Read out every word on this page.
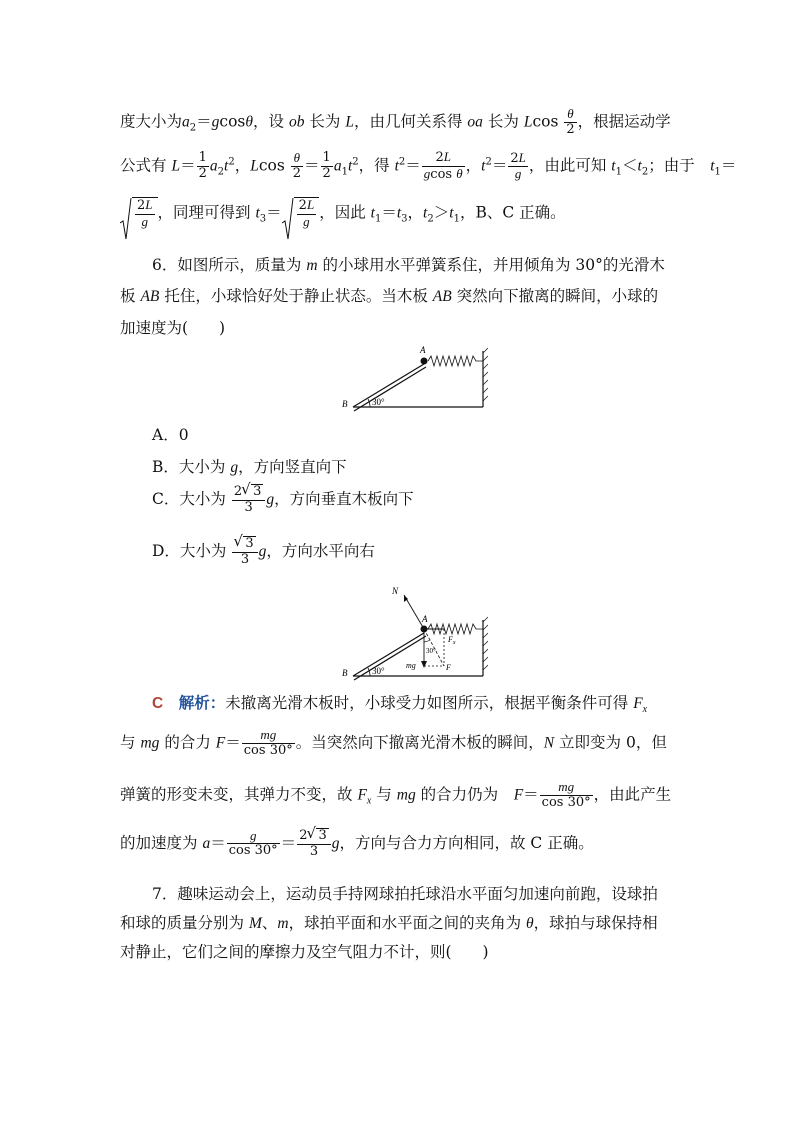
度大小为$a_2=gcos\theta$，设 ob 长为 L，由几何关系得 oa 长为 Lcos $\frac{\theta}{2}$ ，根据运动学
公式有 $L= \frac{1}{2} a_2t^2$，Lcos $\frac{\theta}{2} = \frac{1}{2} a_1t^2$，得 $t^2= \frac{2L}{\text{gcos θ}}$ ，$t^2= \frac{2L}{g}$ ，由此可知 $t_1<t_2$；由于　 $t_1=$
$\frac{2L}{g}$ ，同理可得到 $t_3= \frac{2L}{g}$ ，因此 $t_1=t_3$，$t_2>t_1$，B、C 正确。
6．如图所示，质量为 m 的小球用水平弹簧系住，并用倾角为 30°的光滑木
板 AB 托住，小球恰好处于静止状态。当木板 AB 突然向下撤离的瞬间，小球的
加速度为(　　)
A
B	30°
A．0
B．大小为 g，方向竖直向下
C．大小为 $\frac{2 √ 3}{3}$ g，方向垂直木板向下
D．大小为 √ $\frac{3}{3}$ g，方向水平向右
N
A
B
$F_x$
mg	F
30°
30°
C　 解析：未撤离光滑木板时，小球受力如图所示，根据平衡条件可得 $F_x$
与 mg 的合力 $F= \frac{mg}{\cos 30^\circ}$ 。当突然向下撤离光滑木板的瞬间，N 立即变为 0，但
弹簧的形变未变，其弹力不变，故 $F_x$ 与 mg 的合力仍为　 $F= \frac{mg}{\cos 30^\circ}$ ，由此产生
的加速度为 $a= \frac{g}{\cos 30^\circ} = \frac{2 √ 3}{3}$ g，方向与合力方向相同，故 C 正确。
7．趣味运动会上，运动员手持网球拍托球沿水平面匀加速向前跑，设球拍
和球的质量分别为 M、m，球拍平面和水平面之间的夹角为 θ，球拍与球保持相
对静止，它们之间的摩擦力及空气阻力不计，则(　　)
